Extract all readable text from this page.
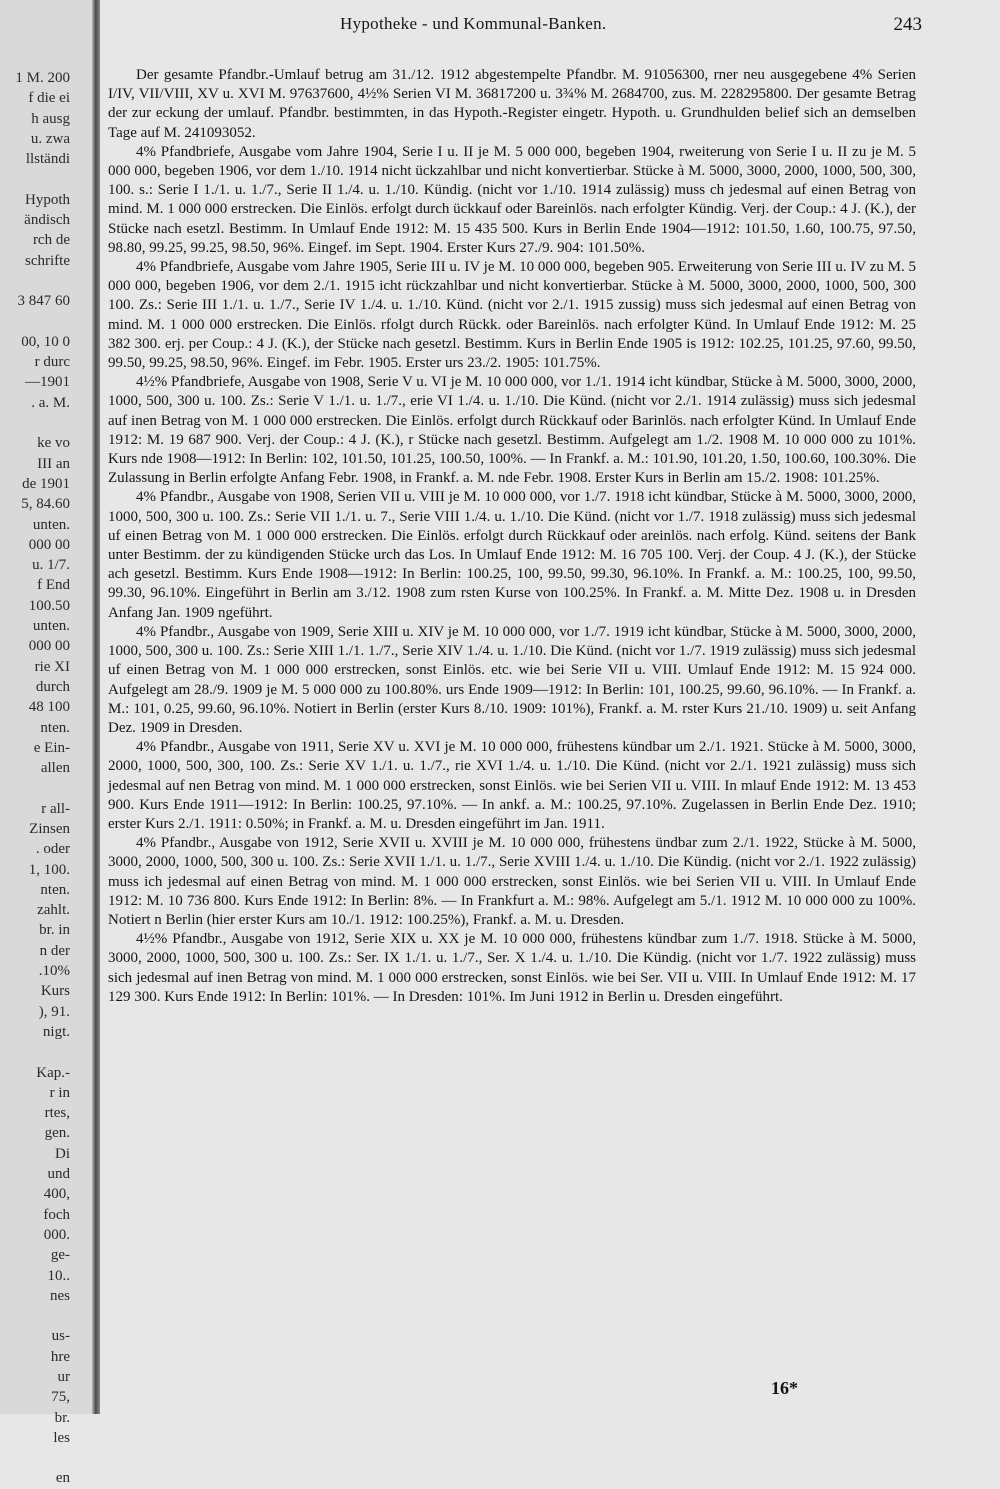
1 M. 200
f die ei
h ausg
u. zwa
llständi
Hypoth
ändisch
rch de
schrifte
3 847 60
00, 10 0
r durc
—1901
. a. M.
ke vo
III an
de 1901
5, 84.60
unten.
000 00
u. 1/7.
f End
100.50
unten.
000 00
rie XI
durch
48 100
nten.
e Ein-
allen
r all-
Zinsen
. oder
1, 100.
nten.
zahlt.
br. in
n der
.10%
Kurs
), 91.
nigt.
Kap.-
r in
rtes,
gen.
Di
und
400,
foch
000.
ge-
10..
nes
us-
hre
ur
75,
br.
les
en
Hypotheke - und Kommunal-Banken.	243

Der gesamte Pfandbr.-Umlauf betrug am 31./12. 1912 abgestempelte Pfandbr. M. 91056300, rner neu ausgegebene 4% Serien I/IV, VII/VIII, XV u. XVI M. 97637600, 4½% Serien VI M. 36817200 u. 3¾% M. 2684700, zus. M. 228295800. Der gesamte Betrag der zur eckung der umlauf. Pfandbr. bestimmten, in das Hypoth.-Register eingetr. Hypoth. u. Grundhulden belief sich an demselben Tage auf M. 241093052.

4% Pfandbriefe, Ausgabe vom Jahre 1904, Serie I u. II je M. 5 000 000, begeben 1904, rweiterung von Serie I u. II zu je M. 5 000 000, begeben 1906, vor dem 1./10. 1914 nicht ückzahlbar und nicht konvertierbar. Stücke à M. 5000, 3000, 2000, 1000, 500, 300, 100. s.: Serie I 1./1. u. 1./7., Serie II 1./4. u. 1./10. Kündig. (nicht vor 1./10. 1914 zulässig) muss ch jedesmal auf einen Betrag von mind. M. 1 000 000 erstrecken. Die Einlös. erfolgt durch ückkauf oder Bareinlös. nach erfolgter Kündig. Verj. der Coup.: 4 J. (K.), der Stücke nach esetzl. Bestimm. In Umlauf Ende 1912: M. 15 435 500. Kurs in Berlin Ende 1904—1912: 101.50, 1.60, 100.75, 97.50, 98.80, 99.25, 99.25, 98.50, 96%. Eingef. im Sept. 1904. Erster Kurs 27./9. 904: 101.50%.

4% Pfandbriefe, Ausgabe vom Jahre 1905, Serie III u. IV je M. 10 000 000, begeben 905. Erweiterung von Serie III u. IV zu M. 5 000 000, begeben 1906, vor dem 2./1. 1915 icht rückzahlbar und nicht konvertierbar. Stücke à M. 5000, 3000, 2000, 1000, 500, 300 100. Zs.: Serie III 1./1. u. 1./7., Serie IV 1./4. u. 1./10. Künd. (nicht vor 2./1. 1915 zussig) muss sich jedesmal auf einen Betrag von mind. M. 1 000 000 erstrecken. Die Einlös. rfolgt durch Rückk. oder Bareinlös. nach erfolgter Künd. In Umlauf Ende 1912: M. 25 382 300. erj. per Coup.: 4 J. (K.), der Stücke nach gesetzl. Bestimm. Kurs in Berlin Ende 1905 is 1912: 102.25, 101.25, 97.60, 99.50, 99.50, 99.25, 98.50, 96%. Eingef. im Febr. 1905. Erster urs 23./2. 1905: 101.75%.

4½% Pfandbriefe, Ausgabe von 1908, Serie V u. VI je M. 10 000 000, vor 1./1. 1914 icht kündbar, Stücke à M. 5000, 3000, 2000, 1000, 500, 300 u. 100. Zs.: Serie V 1./1. u. 1./7., erie VI 1./4. u. 1./10. Die Künd. (nicht vor 2./1. 1914 zulässig) muss sich jedesmal auf inen Betrag von M. 1 000 000 erstrecken. Die Einlös. erfolgt durch Rückkauf oder Barinlös. nach erfolgter Künd. In Umlauf Ende 1912: M. 19 687 900. Verj. der Coup.: 4 J. (K.), r Stücke nach gesetzl. Bestimm. Aufgelegt am 1./2. 1908 M. 10 000 000 zu 101%. Kurs nde 1908—1912: In Berlin: 102, 101.50, 101.25, 100.50, 100%. — In Frankf. a. M.: 101.90, 101.20, 1.50, 100.60, 100.30%. Die Zulassung in Berlin erfolgte Anfang Febr. 1908, in Frankf. a. M. nde Febr. 1908. Erster Kurs in Berlin am 15./2. 1908: 101.25%.

4% Pfandbr., Ausgabe von 1908, Serien VII u. VIII je M. 10 000 000, vor 1./7. 1918 icht kündbar, Stücke à M. 5000, 3000, 2000, 1000, 500, 300 u. 100. Zs.: Serie VII 1./1. u. 7., Serie VIII 1./4. u. 1./10. Die Künd. (nicht vor 1./7. 1918 zulässig) muss sich jedesmal uf einen Betrag von M. 1 000 000 erstrecken. Die Einlös. erfolgt durch Rückkauf oder areinlös. nach erfolg. Künd. seitens der Bank unter Bestimm. der zu kündigenden Stücke urch das Los. In Umlauf Ende 1912: M. 16 705 100. Verj. der Coup. 4 J. (K.), der Stücke ach gesetzl. Bestimm. Kurs Ende 1908—1912: In Berlin: 100.25, 100, 99.50, 99.30, 96.10%. In Frankf. a. M.: 100.25, 100, 99.50, 99.30, 96.10%. Eingeführt in Berlin am 3./12. 1908 zum rsten Kurse von 100.25%. In Frankf. a. M. Mitte Dez. 1908 u. in Dresden Anfang Jan. 1909 ngeführt.

4% Pfandbr., Ausgabe von 1909, Serie XIII u. XIV je M. 10 000 000, vor 1./7. 1919 icht kündbar, Stücke à M. 5000, 3000, 2000, 1000, 500, 300 u. 100. Zs.: Serie XIII 1./1. 1./7., Serie XIV 1./4. u. 1./10. Die Künd. (nicht vor 1./7. 1919 zulässig) muss sich jedesmal uf einen Betrag von M. 1 000 000 erstrecken, sonst Einlös. etc. wie bei Serie VII u. VIII. Umlauf Ende 1912: M. 15 924 000. Aufgelegt am 28./9. 1909 je M. 5 000 000 zu 100.80%. urs Ende 1909—1912: In Berlin: 101, 100.25, 99.60, 96.10%. — In Frankf. a. M.: 101, 0.25, 99.60, 96.10%. Notiert in Berlin (erster Kurs 8./10. 1909: 101%), Frankf. a. M. rster Kurs 21./10. 1909) u. seit Anfang Dez. 1909 in Dresden.

4% Pfandbr., Ausgabe von 1911, Serie XV u. XVI je M. 10 000 000, frühestens kündbar um 2./1. 1921. Stücke à M. 5000, 3000, 2000, 1000, 500, 300, 100. Zs.: Serie XV 1./1. u. 1./7., rie XVI 1./4. u. 1./10. Die Künd. (nicht vor 2./1. 1921 zulässig) muss sich jedesmal auf nen Betrag von mind. M. 1 000 000 erstrecken, sonst Einlös. wie bei Serien VII u. VIII. In mlauf Ende 1912: M. 13 453 900. Kurs Ende 1911—1912: In Berlin: 100.25, 97.10%. — In ankf. a. M.: 100.25, 97.10%. Zugelassen in Berlin Ende Dez. 1910; erster Kurs 2./1. 1911: 0.50%; in Frankf. a. M. u. Dresden eingeführt im Jan. 1911.

4% Pfandbr., Ausgabe von 1912, Serie XVII u. XVIII je M. 10 000 000, frühestens ündbar zum 2./1. 1922, Stücke à M. 5000, 3000, 2000, 1000, 500, 300 u. 100. Zs.: Serie XVII 1./1. u. 1./7., Serie XVIII 1./4. u. 1./10. Die Kündig. (nicht vor 2./1. 1922 zulässig) muss ich jedesmal auf einen Betrag von mind. M. 1 000 000 erstrecken, sonst Einlös. wie bei Serien VII u. VIII. In Umlauf Ende 1912: M. 10 736 800. Kurs Ende 1912: In Berlin: 8%. — In Frankfurt a. M.: 98%. Aufgelegt am 5./1. 1912 M. 10 000 000 zu 100%. Notiert n Berlin (hier erster Kurs am 10./1. 1912: 100.25%), Frankf. a. M. u. Dresden.

4½% Pfandbr., Ausgabe von 1912, Serie XIX u. XX je M. 10 000 000, frühestens kündbar zum 1./7. 1918. Stücke à M. 5000, 3000, 2000, 1000, 500, 300 u. 100. Zs.: Ser. IX 1./1. u. 1./7., Ser. X 1./4. u. 1./10. Die Kündig. (nicht vor 1./7. 1922 zulässig) muss sich jedesmal auf inen Betrag von mind. M. 1 000 000 erstrecken, sonst Einlös. wie bei Ser. VII u. VIII. In Umlauf Ende 1912: M. 17 129 300. Kurs Ende 1912: In Berlin: 101%. — In Dresden: 101%. Im Juni 1912 in Berlin u. Dresden eingeführt.

16*
